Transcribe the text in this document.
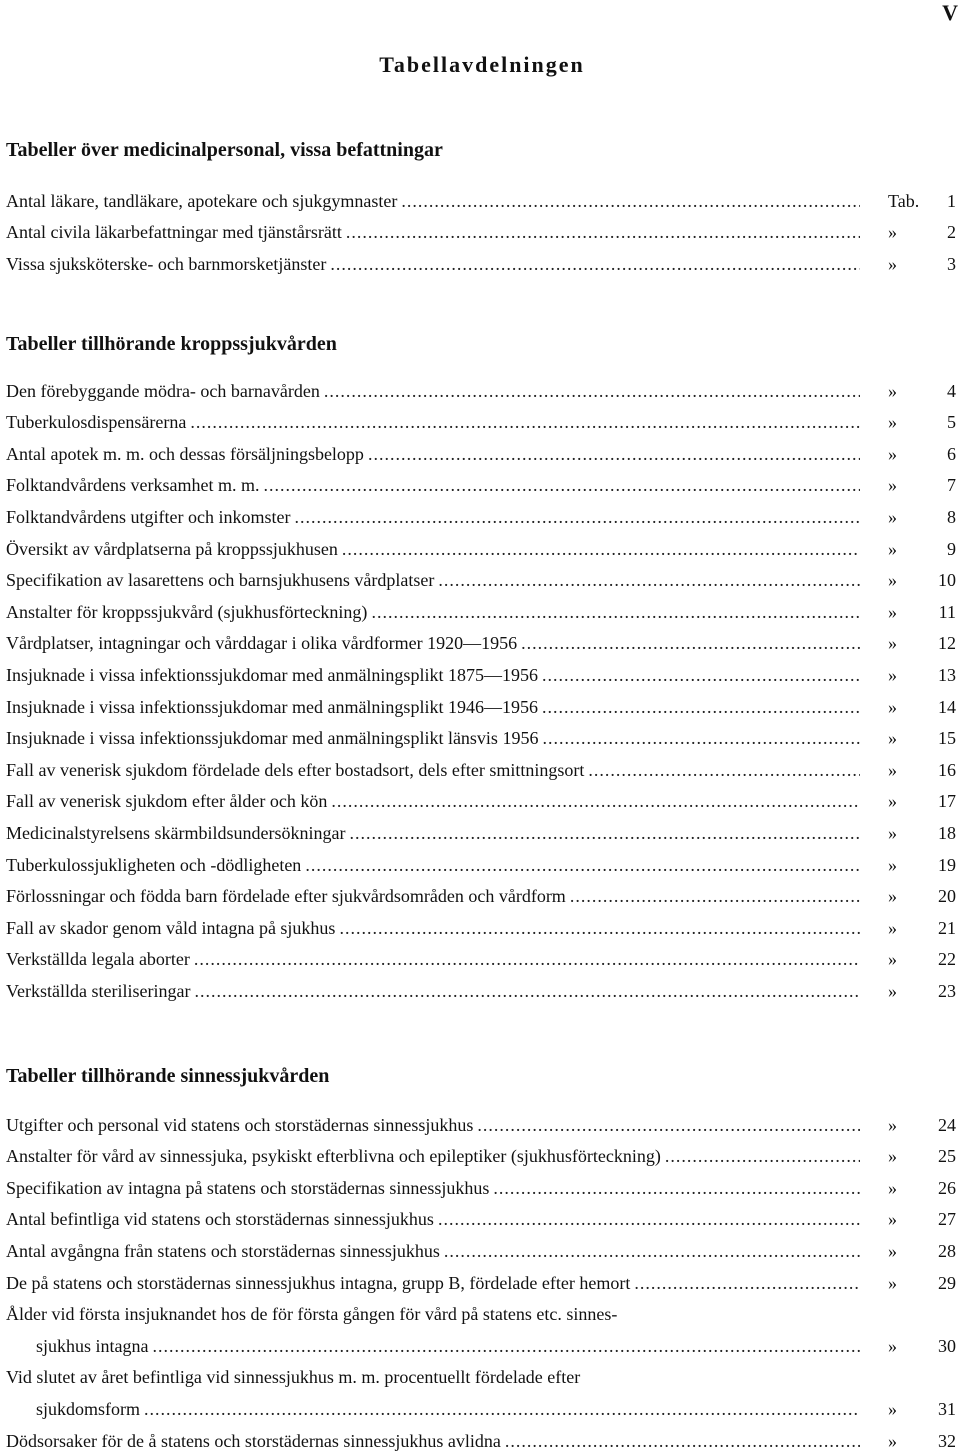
V
Tabellavdelningen
Tabeller över medicinalpersonal, vissa befattningar
Antal läkare, tandläkare, apotekare och sjukgymnaster .....	Tab. 1
Antal civila läkarbefattningar med tjänstårsrätt .....	»	2
Vissa sjuksköterske- och barnmorsketjänster .....	»	3
Tabeller tillhörande kroppssjukvården
Den förebyggande mödra- och barnavården .....	»	4
Tuberkulosdispensärerna .....	»	5
Antal apotek m. m. och dessas försäljningsbelopp .....	»	6
Folktandvårdens verksamhet m. m. .....	»	7
Folktandvårdens utgifter och inkomster .....	»	8
Översikt av vårdplatserna på kroppssjukhusen .....	»	9
Specifikation av lasarettens och barnsjukhusens vårdplatser .....	» 10
Anstalter för kroppssjukvård (sjukhusförteckning) .....	» 11
Vårdplatser, intagningar och vårddagar i olika vårdformer 1920—1956 .....	» 12
Insjuknade i vissa infektionssjukdomar med anmälningsplikt 1875—1956 .....	» 13
Insjuknade i vissa infektionssjukdomar med anmälningsplikt 1946—1956 .....	» 14
Insjuknade i vissa infektionssjukdomar med anmälningsplikt länsvis 1956 .....	» 15
Fall av venerisk sjukdom fördelade dels efter bostadsort, dels efter smittningsort .....	» 16
Fall av venerisk sjukdom efter ålder och kön .....	» 17
Medicinalstyrelsens skärmbildsundersökningar .....	» 18
Tuberkulossjukligheten och -dödligheten .....	» 19
Förlossningar och födda barn fördelade efter sjukvårdsområden och vårdform .....	» 20
Fall av skador genom våld intagna på sjukhus .....	» 21
Verkställda legala aborter .....	» 22
Verkställda steriliseringar .....	» 23
Tabeller tillhörande sinnessjukvården
Utgifter och personal vid statens och storstädernas sinnessjukhus .....	» 24
Anstalter för vård av sinnessjuka, psykiskt efterblivna och epileptiker (sjukhusförteckning) .....	» 25
Specifikation av intagna på statens och storstädernas sinnessjukhus .....	» 26
Antal befintliga vid statens och storstädernas sinnessjukhus .....	» 27
Antal avgångna från statens och storstädernas sinnessjukhus .....	» 28
De på statens och storstädernas sinnessjukhus intagna, grupp B, fördelade efter hemort .....	» 29
Ålder vid första insjuknandet hos de för första gången för vård på statens etc. sinnes-
sjukhus intagna .....	» 30
Vid slutet av året befintliga vid sinnessjukhus m. m. procentuellt fördelade efter
sjukdomsform .....	» 31
Dödsorsaker för de å statens och storstädernas sinnessjukhus avlidna .....	» 32
